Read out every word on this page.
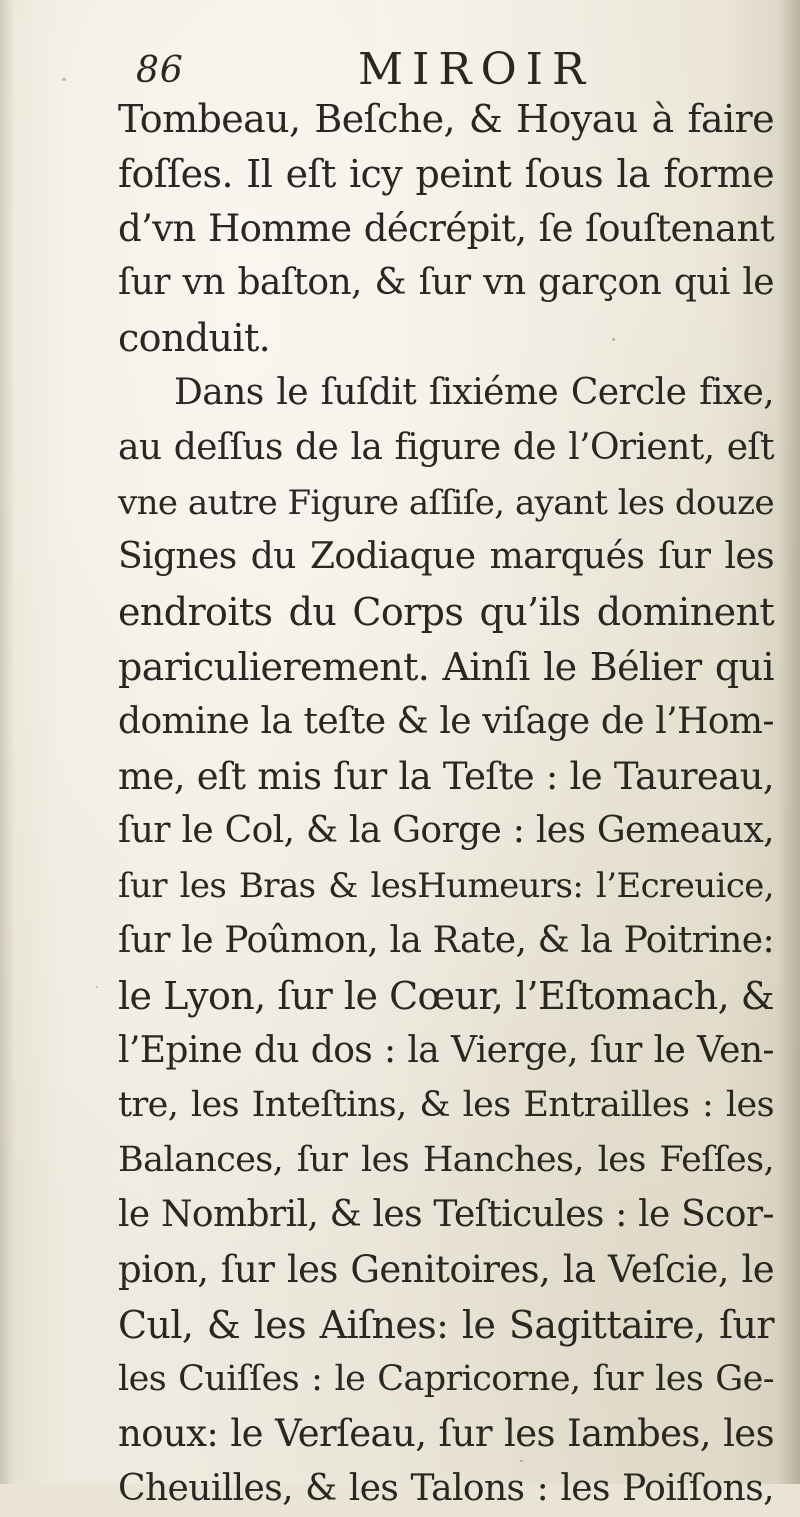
86	MIROIR
Tombeau, Beſche, & Hoyau à faire
foſſes. Il eſt icy peint ſous la forme
d’vn Homme décrépit, ſe ſouſtenant
ſur vn baſton, & ſur vn garçon qui le
conduit.
Dans le ſuſdit ſixiéme Cercle fixe,
au deſſus de la figure de l’Orient, eſt
vne autre Figure aſſiſe, ayant les douze
Signes du Zodiaque marqués ſur les
endroits du Corps qu’ils dominent
pariculierement. Ainſi le Bélier qui
domine la teſte & le viſage de l’Hom-
me, eſt mis ſur la Teſte : le Taureau,
ſur le Col, & la Gorge : les Gemeaux,
ſur les Bras & lesHumeurs: l’Ecreuice,
ſur le Poûmon, la Rate, & la Poitrine:
le Lyon, ſur le Cœur, l’Eſtomach, &
l’Epine du dos : la Vierge, ſur le Ven-
tre, les Inteſtins, & les Entrailles : les
Balances, ſur les Hanches, les Feſſes,
le Nombril, & les Teſticules : le Scor-
pion, ſur les Genitoires, la Veſcie, le
Cul, & les Aiſnes: le Sagittaire, ſur
les Cuiſſes : le Capricorne, ſur les Ge-
noux: le Verſeau, ſur les Iambes, les
Cheuilles, & les Talons : les Poiſſons,
